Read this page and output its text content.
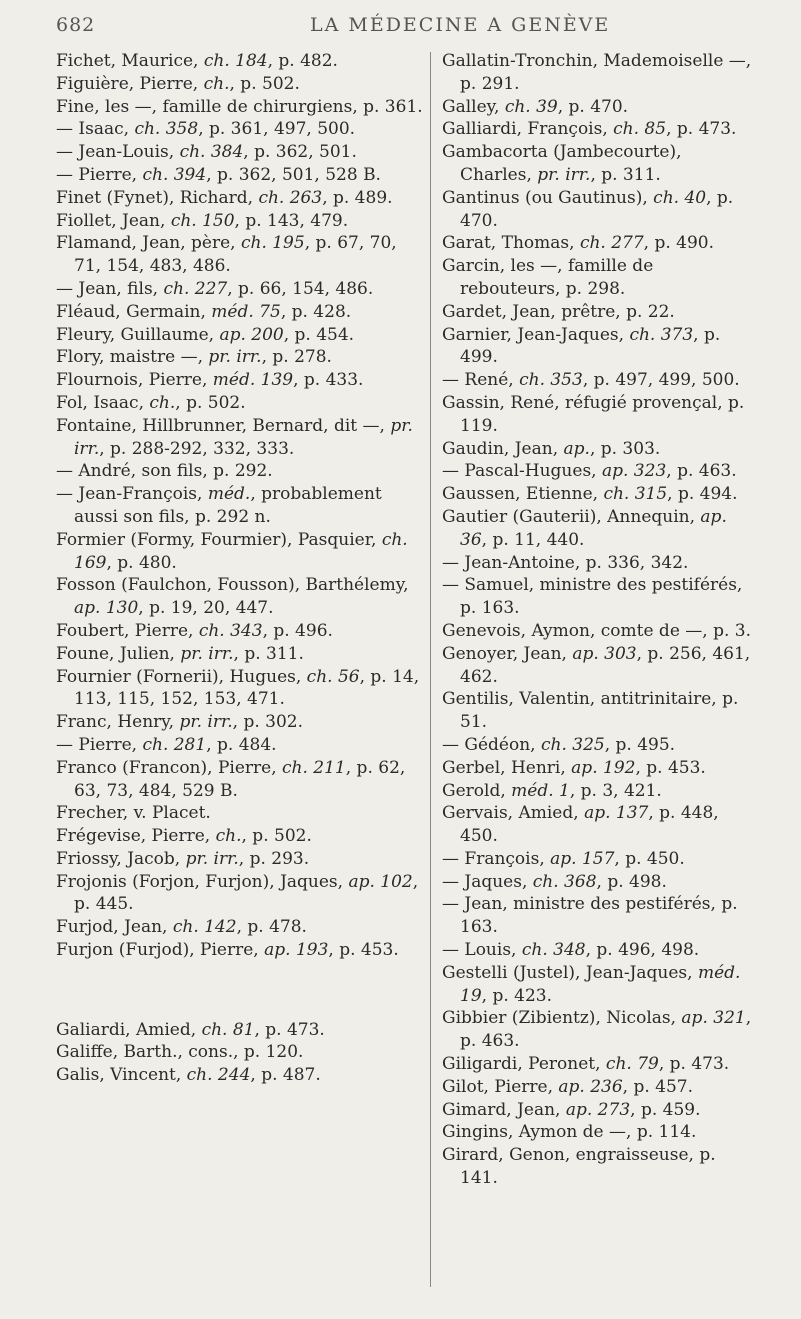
682	LA MÉDECINE A GENÈVE

Fichet, Maurice, ch. 184, p. 482.

Figuière, Pierre, ch., p. 502.

Fine, les —, famille de chirurgiens, p. 361.

— Isaac, ch. 358, p. 361, 497, 500.

— Jean-Louis, ch. 384, p. 362, 501.

— Pierre, ch. 394, p. 362, 501, 528 B.

Finet (Fynet), Richard, ch. 263, p. 489.

Fiollet, Jean, ch. 150, p. 143, 479.

Flamand, Jean, père, ch. 195, p. 67, 70, 71, 154, 483, 486.

— Jean, fils, ch. 227, p. 66, 154, 486.

Fléaud, Germain, méd. 75, p. 428.

Fleury, Guillaume, ap. 200, p. 454.

Flory, maistre —, pr. irr., p. 278.

Flournois, Pierre, méd. 139, p. 433.

Fol, Isaac, ch., p. 502.

Fontaine, Hillbrunner, Bernard, dit —, pr. irr., p. 288-292, 332, 333.

— André, son fils, p. 292.

— Jean-François, méd., probablement aussi son fils, p. 292 n.

Formier (Formy, Fourmier), Pasquier, ch. 169, p. 480.

Fosson (Faulchon, Fousson), Barthélemy, ap. 130, p. 19, 20, 447.

Foubert, Pierre, ch. 343, p. 496.

Foune, Julien, pr. irr., p. 311.

Fournier (Fornerii), Hugues, ch. 56, p. 14, 113, 115, 152, 153, 471.

Franc, Henry, pr. irr., p. 302.

— Pierre, ch. 281, p. 484.

Franco (Francon), Pierre, ch. 211, p. 62, 63, 73, 484, 529 B.

Frecher, v. Placet.

Frégevise, Pierre, ch., p. 502.

Friossy, Jacob, pr. irr., p. 293.

Frojonis (Forjon, Furjon), Jaques, ap. 102, p. 445.

Furjod, Jean, ch. 142, p. 478.

Furjon (Furjod), Pierre, ap. 193, p. 453.

Galiardi, Amied, ch. 81, p. 473.

Galiffe, Barth., cons., p. 120.

Galis, Vincent, ch. 244, p. 487.

Gallatin-Tronchin, Mademoiselle —, p. 291.

Galley, ch. 39, p. 470.

Galliardi, François, ch. 85, p. 473.

Gambacorta (Jambecourte), Charles, pr. irr., p. 311.

Gantinus (ou Gautinus), ch. 40, p. 470.

Garat, Thomas, ch. 277, p. 490.

Garcin, les —, famille de rebouteurs, p. 298.

Gardet, Jean, prêtre, p. 22.

Garnier, Jean-Jaques, ch. 373, p. 499.

— René, ch. 353, p. 497, 499, 500.

Gassin, René, réfugié provençal, p. 119.

Gaudin, Jean, ap., p. 303.

— Pascal-Hugues, ap. 323, p. 463.

Gaussen, Etienne, ch. 315, p. 494.

Gautier (Gauterii), Annequin, ap. 36, p. 11, 440.

— Jean-Antoine, p. 336, 342.

— Samuel, ministre des pestiférés, p. 163.

Genevois, Aymon, comte de —, p. 3.

Genoyer, Jean, ap. 303, p. 256, 461, 462.

Gentilis, Valentin, antitrinitaire, p. 51.

— Gédéon, ch. 325, p. 495.

Gerbel, Henri, ap. 192, p. 453.

Gerold, méd. 1, p. 3, 421.

Gervais, Amied, ap. 137, p. 448, 450.

— François, ap. 157, p. 450.

— Jaques, ch. 368, p. 498.

— Jean, ministre des pestiférés, p. 163.

— Louis, ch. 348, p. 496, 498.

Gestelli (Justel), Jean-Jaques, méd. 19, p. 423.

Gibbier (Zibientz), Nicolas, ap. 321, p. 463.

Giligardi, Peronet, ch. 79, p. 473.

Gilot, Pierre, ap. 236, p. 457.

Gimard, Jean, ap. 273, p. 459.

Gingins, Aymon de —, p. 114.

Girard, Genon, engraisseuse, p. 141.
